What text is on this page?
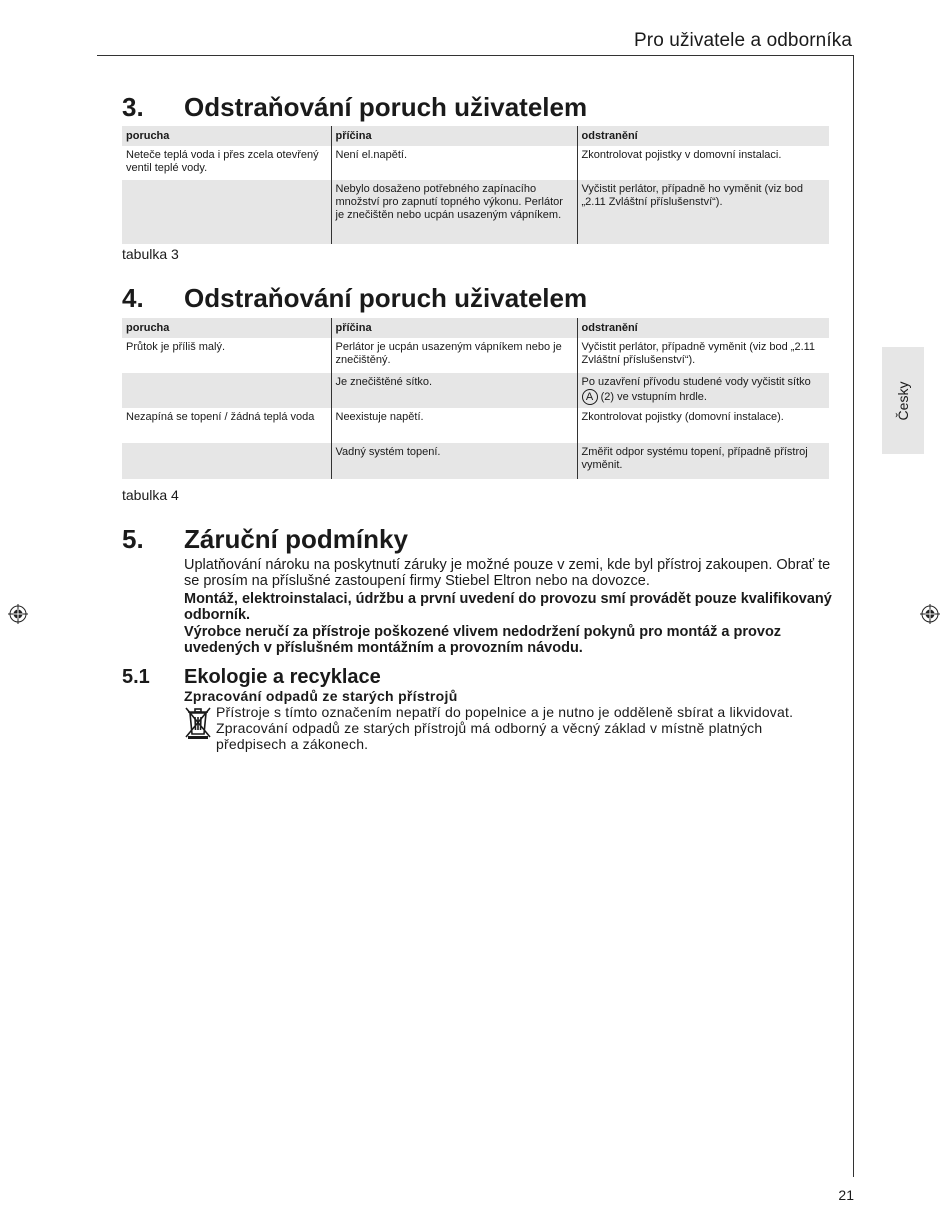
Pro uživatele a odborníka
Česky
3. Odstraňování poruch uživatelem
porucha	příčina	odstranění
Neteče teplá voda i přes zcela otevřený ventil teplé vody.	Není el.napětí.	Zkontrolovat pojistky v domovní instalaci.
	Nebylo dosaženo potřebného zapínacího množství pro zapnutí topného výkonu. Perlátor je znečištěn nebo ucpán usazeným vápníkem.	Vyčistit perlátor, případně ho vyměnit (viz bod „2.11 Zvláštní příslušenství“).
tabulka 3
4. Odstraňování poruch uživatelem
porucha	příčina	odstranění
Průtok je příliš malý.	Perlátor je ucpán usazeným vápníkem nebo je znečištěný.	Vyčistit perlátor, případně vyměnit (viz bod „2.11 Zvláštní příslušenství“).
	Je znečištěné sítko.	Po uzavření přívodu studené vody vyčistit sítko A (2) ve vstupním hrdle.
Nezapíná se topení / žádná teplá voda	Neexistuje napětí.	Zkontrolovat pojistky (domovní instalace).
	Vadný systém topení.	Změřit odpor systému topení, případně přístroj vyměnit.
tabulka 4
5. Záruční podmínky
Uplatňování nároku na poskytnutí záruky je možné pouze v zemi, kde byl přístroj zakoupen. Obrať te se prosím na příslušné zastoupení firmy Stiebel Eltron nebo na dovozce.
Montáž, elektroinstalaci, údržbu a první uvedení do provozu smí provádět pouze kvalifikovaný odborník.
Výrobce neručí za přístroje poškozené vlivem nedodržení pokynů pro montáž a provoz uvedených v příslušném montážním a provozním návodu.
5.1 Ekologie a recyklace
Zpracování odpadů ze starých přístrojů
Přístroje s tímto označením nepatří do popelnice a je nutno je odděleně sbírat a likvidovat. Zpracování odpadů ze starých přístrojů má odborný a věcný základ v místně platných předpisech a zákonech.
21
